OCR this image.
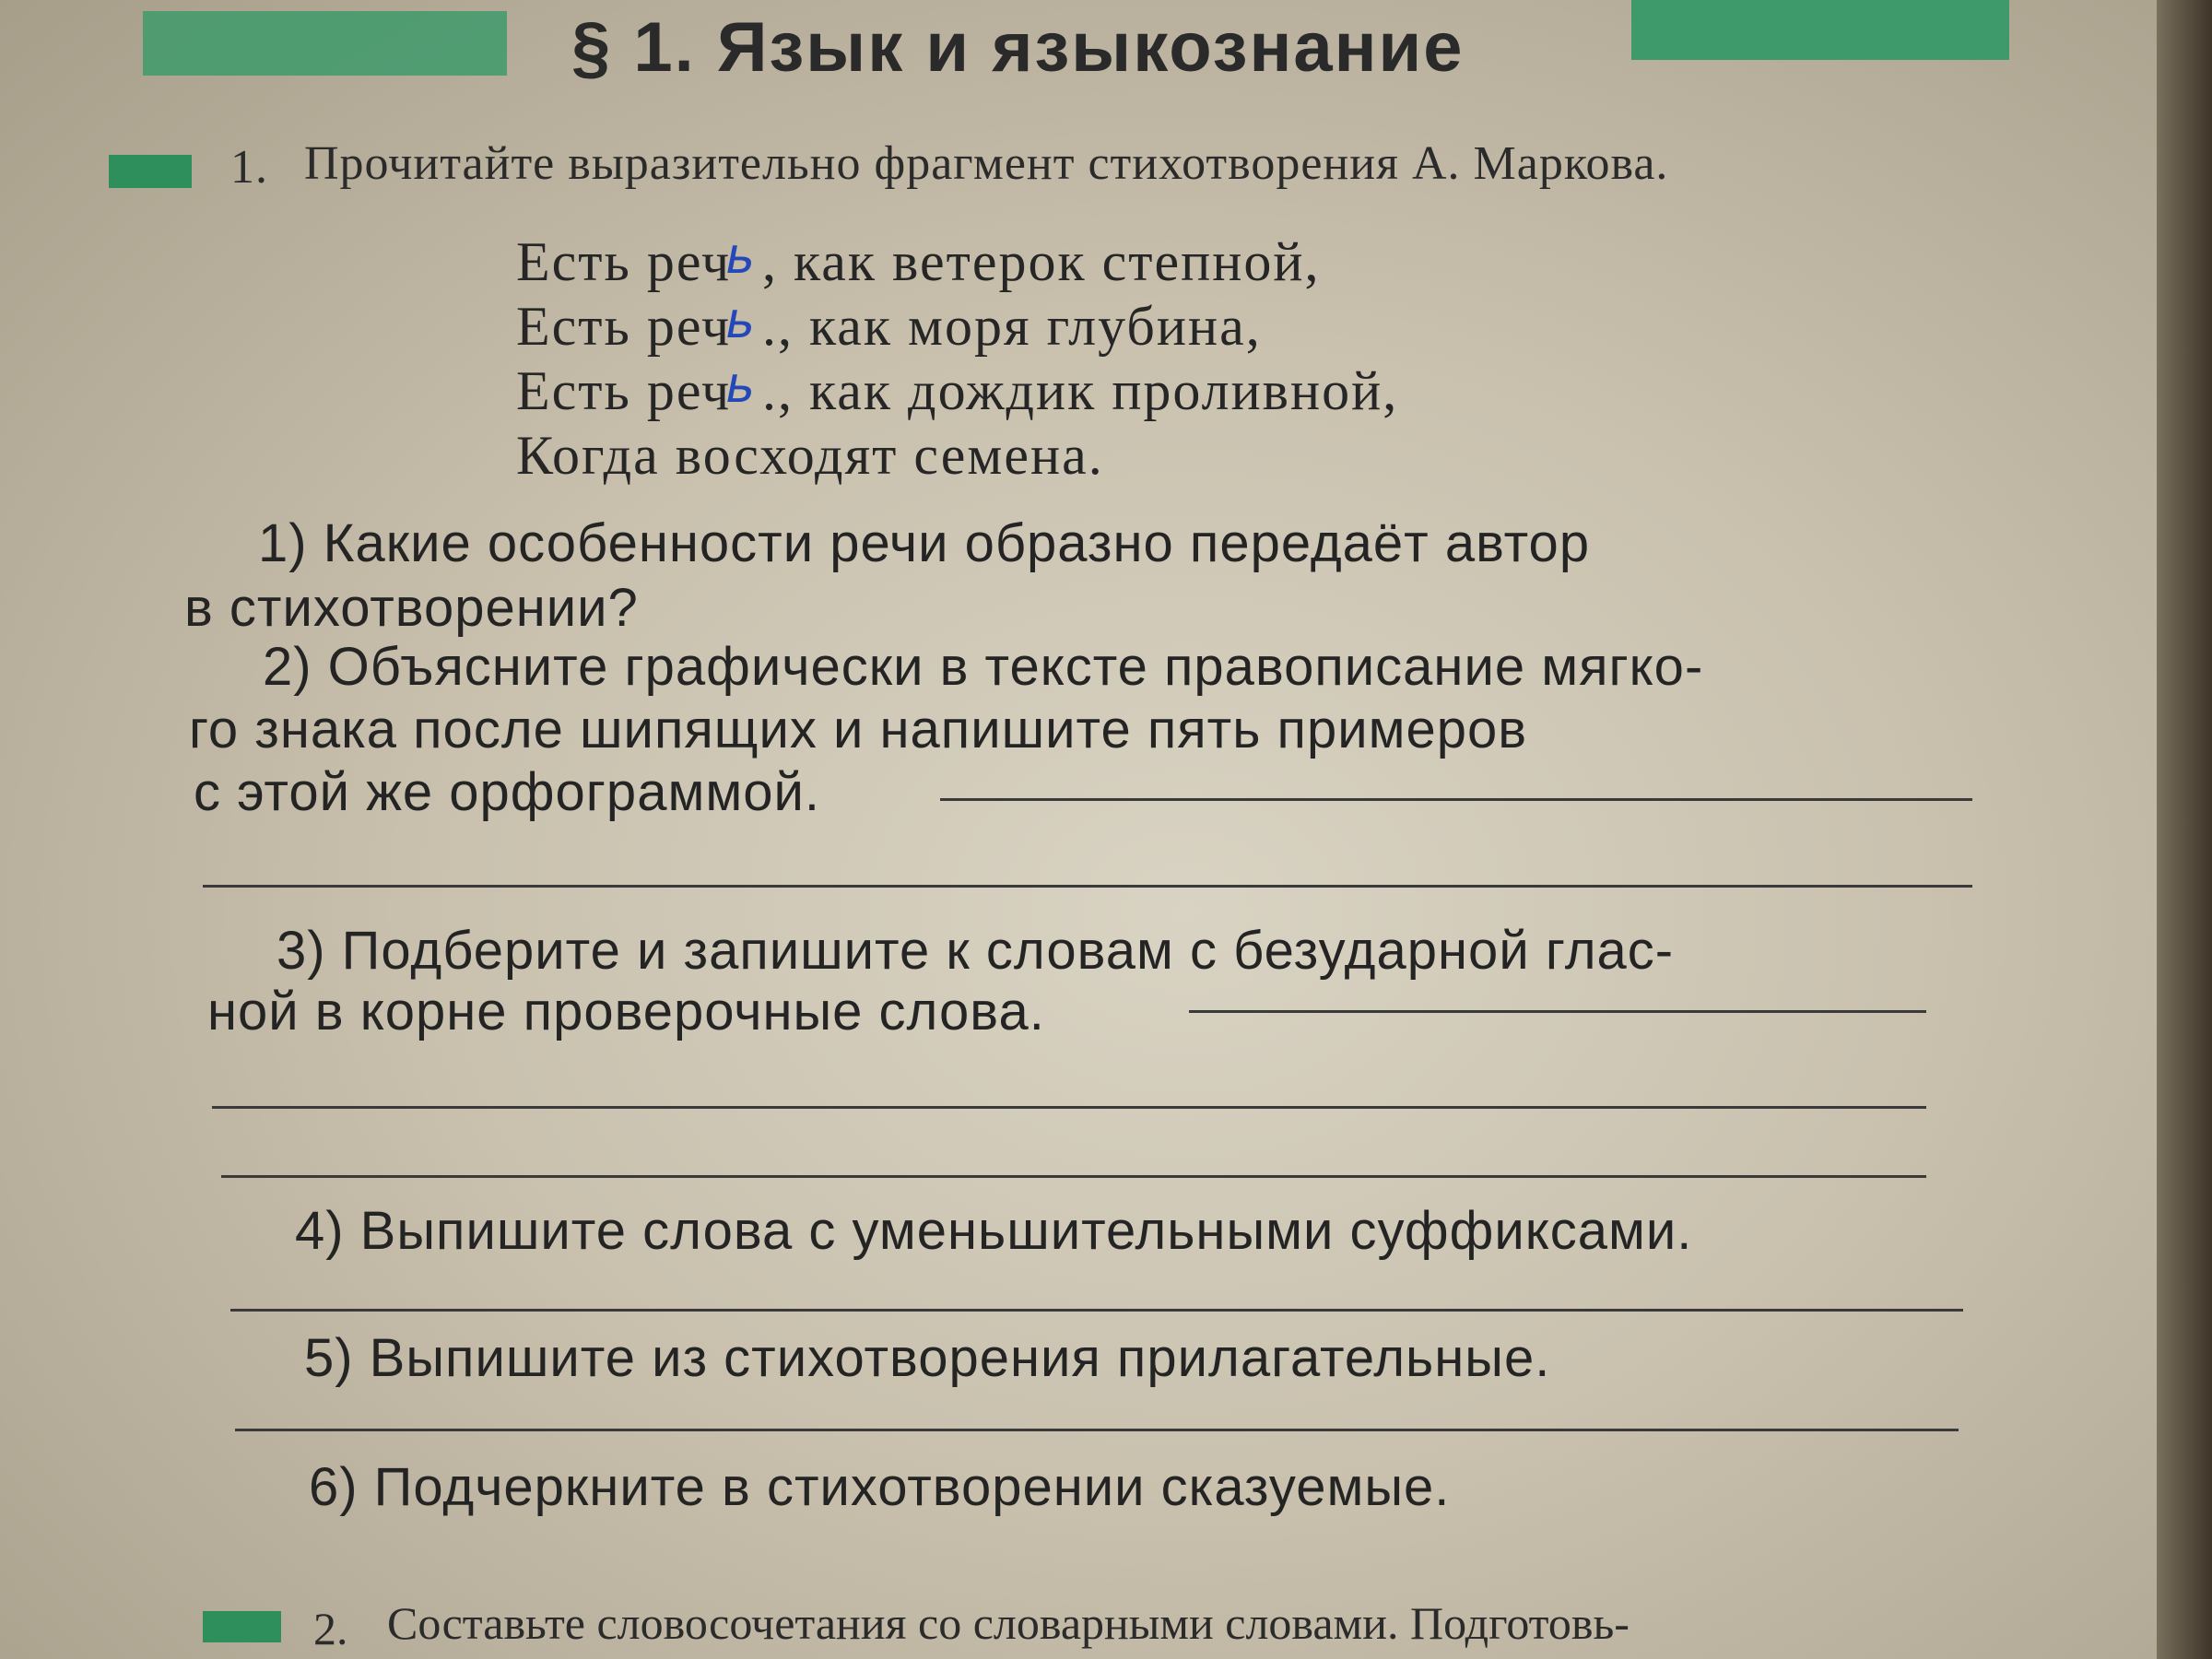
§ 1. Язык и языкознание
1. Прочитайте выразительно фрагмент стихотворения А. Маркова.
Есть речь , как ветерок степной,
Есть речь ., как моря глубина,
Есть речь ., как дождик проливной,
Когда восходят семена.
1) Какие особенности речи образно передаёт автор
в стихотворении?
2) Объясните графически в тексте правописание мягко-
го знака после шипящих и напишите пять примеров
с этой же орфограммой.
3) Подберите и запишите к словам с безударной глас-
ной в корне проверочные слова.
4) Выпишите слова с уменьшительными суффиксами.
5) Выпишите из стихотворения прилагательные.
6) Подчеркните в стихотворении сказуемые.
2. Составьте словосочетания со словарными словами. Подготовь-
